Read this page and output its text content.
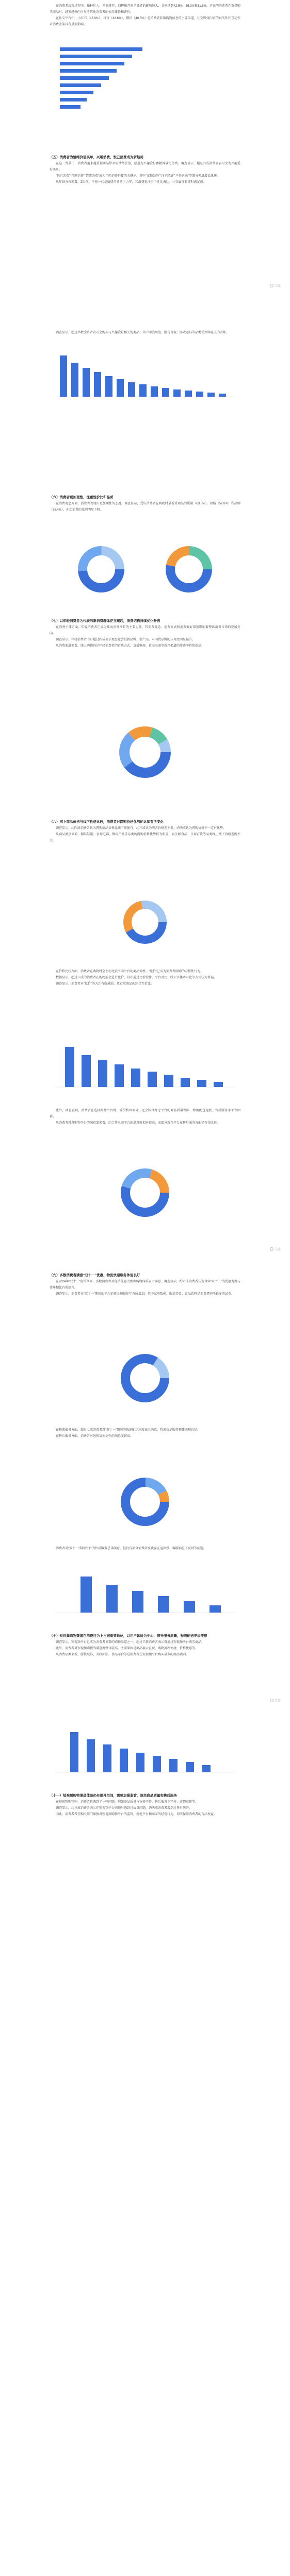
在消费者决策过程中，播种达人、电商推荐、口碑推荐对消费者的影响较大，分别达到42.5%、35.2%和31.6%。这表明消费者在选择购买商品时，越来越倾向于参考其他消费者的使用体验和评价。

在社交平台中，小红书（47.9%）、抖音（43.6%）、微信（40.5%）是消费者获取购物信息的主要渠道，社交媒体内容的真实性和互动性对消费决策具有重要影响。

（五）消费者为情绪价值买单，兴趣消费、悦己消费成为新趋势

在这一背景下，消费者越来越重视商品带来的情绪价值，愿意为兴趣爱好和精神满足付费。调查显示，超过六成消费者表示会为兴趣爱好买单。

“悦己消费”“兴趣消费”“情绪消费”成为年轻消费群体的关键词，其中“宠物经济”“谷子经济”“户外运动”等细分领域增长迅速。

从年龄分布来看，Z世代、千禧一代是情绪消费的主力军，其消费更注重个性化表达、社交属性和即时满足感。

艾媒

调查显示，超过半数受访者表示会购买与兴趣爱好相关的商品，其中动漫周边、潮玩盲盒、游戏道具等品类受到年轻人的青睐。

（六）消费者更加理性，注重性价比和品质

在消费观念方面，消费者表现出更加理性的态度。调查显示，受访消费者在购物时最看重商品的质量（63.5%）、价格（52.8%）和品牌（38.4%），冲动消费的比例明显下降。

（七）以年轻消费者为代表的新消费群体正在崛起，消费结构持续优化升级

在消费主体方面，年轻消费者正成为推动消费增长的主要力量，其消费观念、消费方式和消费偏好深刻影响着整体消费市场的发展方向。

调查显示，年轻消费者中有超过四成表示更愿意尝试新品牌、新产品，对国货品牌的认可度明显提升。

从消费渠道来看，线上购物仍是年轻消费者的首选方式，直播电商、社交电商等新兴渠道的渗透率持续提高。

（八）网上商品价格与线下价格比较，消费者对网购价格优势的认知有所变化

调查显示，约四成消费者认为网购商品价格比线下更便宜，约三成认为两者价格差不多，约两成认为网购价格不一定有优势。

从商品类别来看，服装鞋帽、家用电器、数码产品等品类的网购价格优势较为明显，而生鲜食品、日用百货等品类线上线下价格差距不大。

在价格比较方面，消费者在购物时会主动比较不同平台的商品价格，“比价”已成为消费者网购的习惯性行为。

数据显示，超过六成的消费者在购物前会进行比价，其中通过比价软件、平台对比、线下实体店对比等方式较为普遍。

调查显示，消费者对“低价”的关注有所减弱，更看重商品的综合性价比。

此外，调查发现，消费者在选择购物平台时，除价格因素外，还会综合考虑平台的商品质量保障、物流配送速度、售后服务水平等因素。

从消费者对各购物平台的满意度来看，综合性电商平台的满意度相对较高，而部分新兴平台在售后服务方面仍有待改进。

艾媒

（九）多数消费者满意“双十一”优惠，物流快递服务体验良好

在2024年“双十一”促销期间，多数消费者对促销优惠力度和购物体验表示满意，调查显示，约六成消费者认为今年“双十一”的优惠力度与往年相比有所提升。

调查显示，消费者在“双十一”期间的平均消费金额较往年有所增加，其中家电数码、服装美妆、食品饮料是消费者购买最多的品类。

在物流服务方面，超过七成消费者对“双十一”期间的快递配送速度表示满意，物流快递服务整体表现良好。

在售后服务方面，消费者对退换货便捷性的满意度较高。

消费者对“双十一”期间平台的售后服务总体满意，但仍有部分消费者反映存在退款慢、客服响应不及时等问题。

（十）短视频购物渠道在消费行为上占据重要地位，以用户体验为中心，提升服务质量，物流配送更加便捷

调查显示，短视频平台已成为消费者重要的购物渠道之一，超过半数消费者表示曾通过短视频平台购买商品。

此外，消费者对短视频购物的满意度整体较高，主要原因是商品展示直观、购物流程便捷、价格优惠等。

从消费品类来看，服装配饰、美妆护肤、食品零食等是消费者在短视频平台购买最多的商品类别。

艾媒

（十一）短视频购物渠道体验仍有提升空间，需要加强监管，规范商品质量和售后服务

在短视频购物中，消费者也遇到了一些问题，例如商品质量与宣传不符、售后服务不完善、虚假宣传等。

调查显示，约三成消费者表示在短视频平台购物时遇到过质量问题，约两成消费者遇到过售后纠纷。

因此，消费者希望相关部门加强对短视频购物平台的监管，规范平台和商家的经营行为，切实保障消费者的合法权益。
